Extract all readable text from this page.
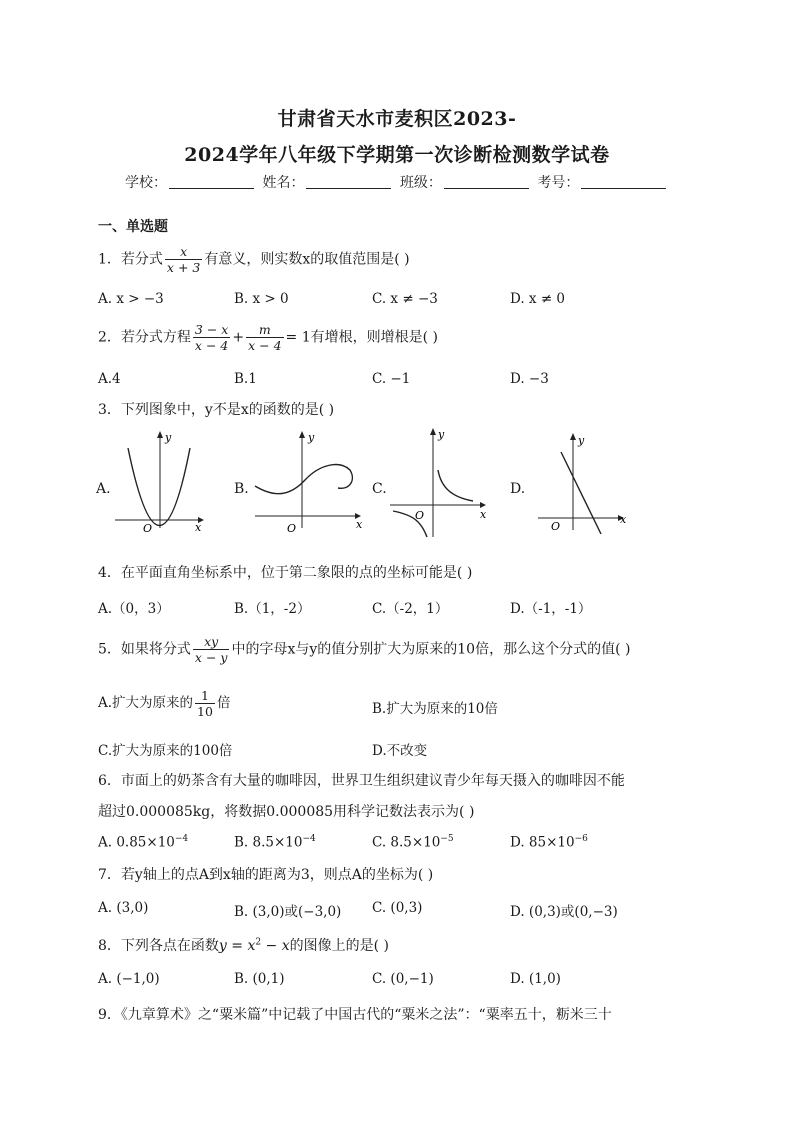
甘肃省天水市麦积区2023-
2024学年八年级下学期第一次诊断检测数学试卷
学校：	姓名：	班级：	考号：
一、单选题
1．若分式 $\frac{x}{x + 3}$ 有意义，则实数x的取值范围是( )
A. x > −3	B. x > 0	C. x ≠ −3	D. x ≠ 0
2．若分式方程 $\frac{3 - x}{x - 4} + \frac{m}{x - 4} = 1$有增根，则增根是( )
A.4	B.1	C. −1	D. −3
3．下列图象中，y不是x的函数的是( )
A.
y
x
O
B.
y
x
O
C.
y
x
O
D.
y
x
O
4．在平面直角坐标系中，位于第二象限的点的坐标可能是( )
A.（0，3）	B.（1，-2）	C.（-2，1）	D.（-1，-1）
5．如果将分式 $\frac{xy}{x - y}$ 中的字母x与y的值分别扩大为原来的10倍，那么这个分式的值( )
A.扩大为原来的 $\frac{1}{10}$ 倍	B.扩大为原来的10倍
C.扩大为原来的100倍	D.不改变
6．市面上的奶茶含有大量的咖啡因，世界卫生组织建议青少年每天摄入的咖啡因不能
超过0.000085kg，将数据0.000085用科学记数法表示为( )
A. $0.85\times 10^{-4}$	B. $8.5\times 10^{-4}$	C. $8.5\times 10^{-5}$	D. $85\times 10^{-6}$
7．若y轴上的点A到x轴的距离为3，则点A的坐标为( )
A. (3,0)	B. (3,0)或(−3,0) C. (0,3)	D. (0,3)或(0,−3)
8．下列各点在函数$y = x^2 - x$的图像上的是( )
A. (−1,0)	B. (0,1)	C. (0,−1)	D. (1,0)
9．《九章算术》之“粟米篇”中记载了中国古代的“粟米之法”：“粟率五十，粝米三十
